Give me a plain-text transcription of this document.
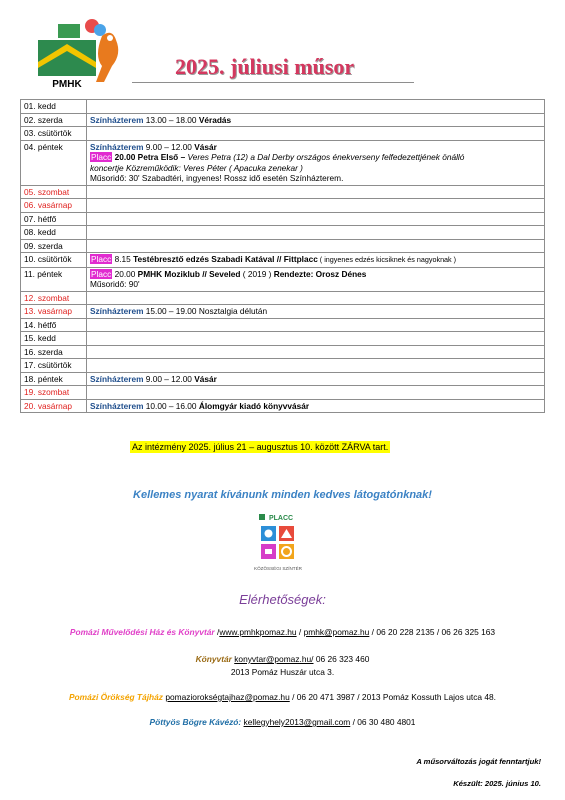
PMHK
2025. júliusi műsor
01. kedd	
02. szerda	Színházterem 13.00 – 18.00 Véradás

03. csütörtök	
04. péntek	Színházterem 9.00 – 12.00 Vásár
Placc 20.00 Petra Első – Veres Petra (12) a Dal Derby országos énekverseny felfedezettjének önálló
koncertje Közreműködik: Veres Péter ( Apacuka zenekar )
Műsoridő: 30' Szabadtéri, ingyenes! Rossz idő esetén Színházterem.

05. szombat	
06. vasárnap	
07. hétfő	
08. kedd	
09. szerda	
10. csütörtök	Placc 8.15 Testébresztő edzés Szabadi Katával // Fittplacc ( ingyenes edzés kicsiknek és nagyoknak )

11. péntek	Placc 20.00 PMHK Moziklub // Seveled ( 2019 ) Rendezte: Orosz Dénes
Műsoridő: 90'

12. szombat	
13. vasárnap	Színházterem 15.00 – 19.00 Nosztalgia délután

14. hétfő	
15. kedd	
16. szerda	
17. csütörtök	
18. péntek	Színházterem 9.00 – 12.00 Vásár

19. szombat	
20. vasárnap	Színházterem 10.00 – 16.00 Álomgyár kiadó könyvvásár
Az intézmény 2025. július 21 – augusztus 10. között ZÁRVA tart.
Kellemes nyarat kívánunk minden kedves látogatónknak!
PLACC
KÖZÖSSÉGI SZÍNTÉR
Elérhetőségek:
Pomázi Művelődési Ház és Könyvtár /www.pmhkpomaz.hu / pmhk@pomaz.hu / 06 20 228 2135 / 06 26 325 163
Könyvtár konyvtar@pomaz.hu/ 06 26 323 460
2013 Pomáz Huszár utca 3.
Pomázi Örökség Tájház pomaziorokségtajhaz@pomaz.hu / 06 20 471 3987 / 2013 Pomáz Kossuth Lajos utca 48.
Pöttyös Bögre Kávézó: kellegyhely2013@gmail.com / 06 30 480 4801
A műsorváltozás jogát fenntartjuk!
Készült: 2025. június 10.
